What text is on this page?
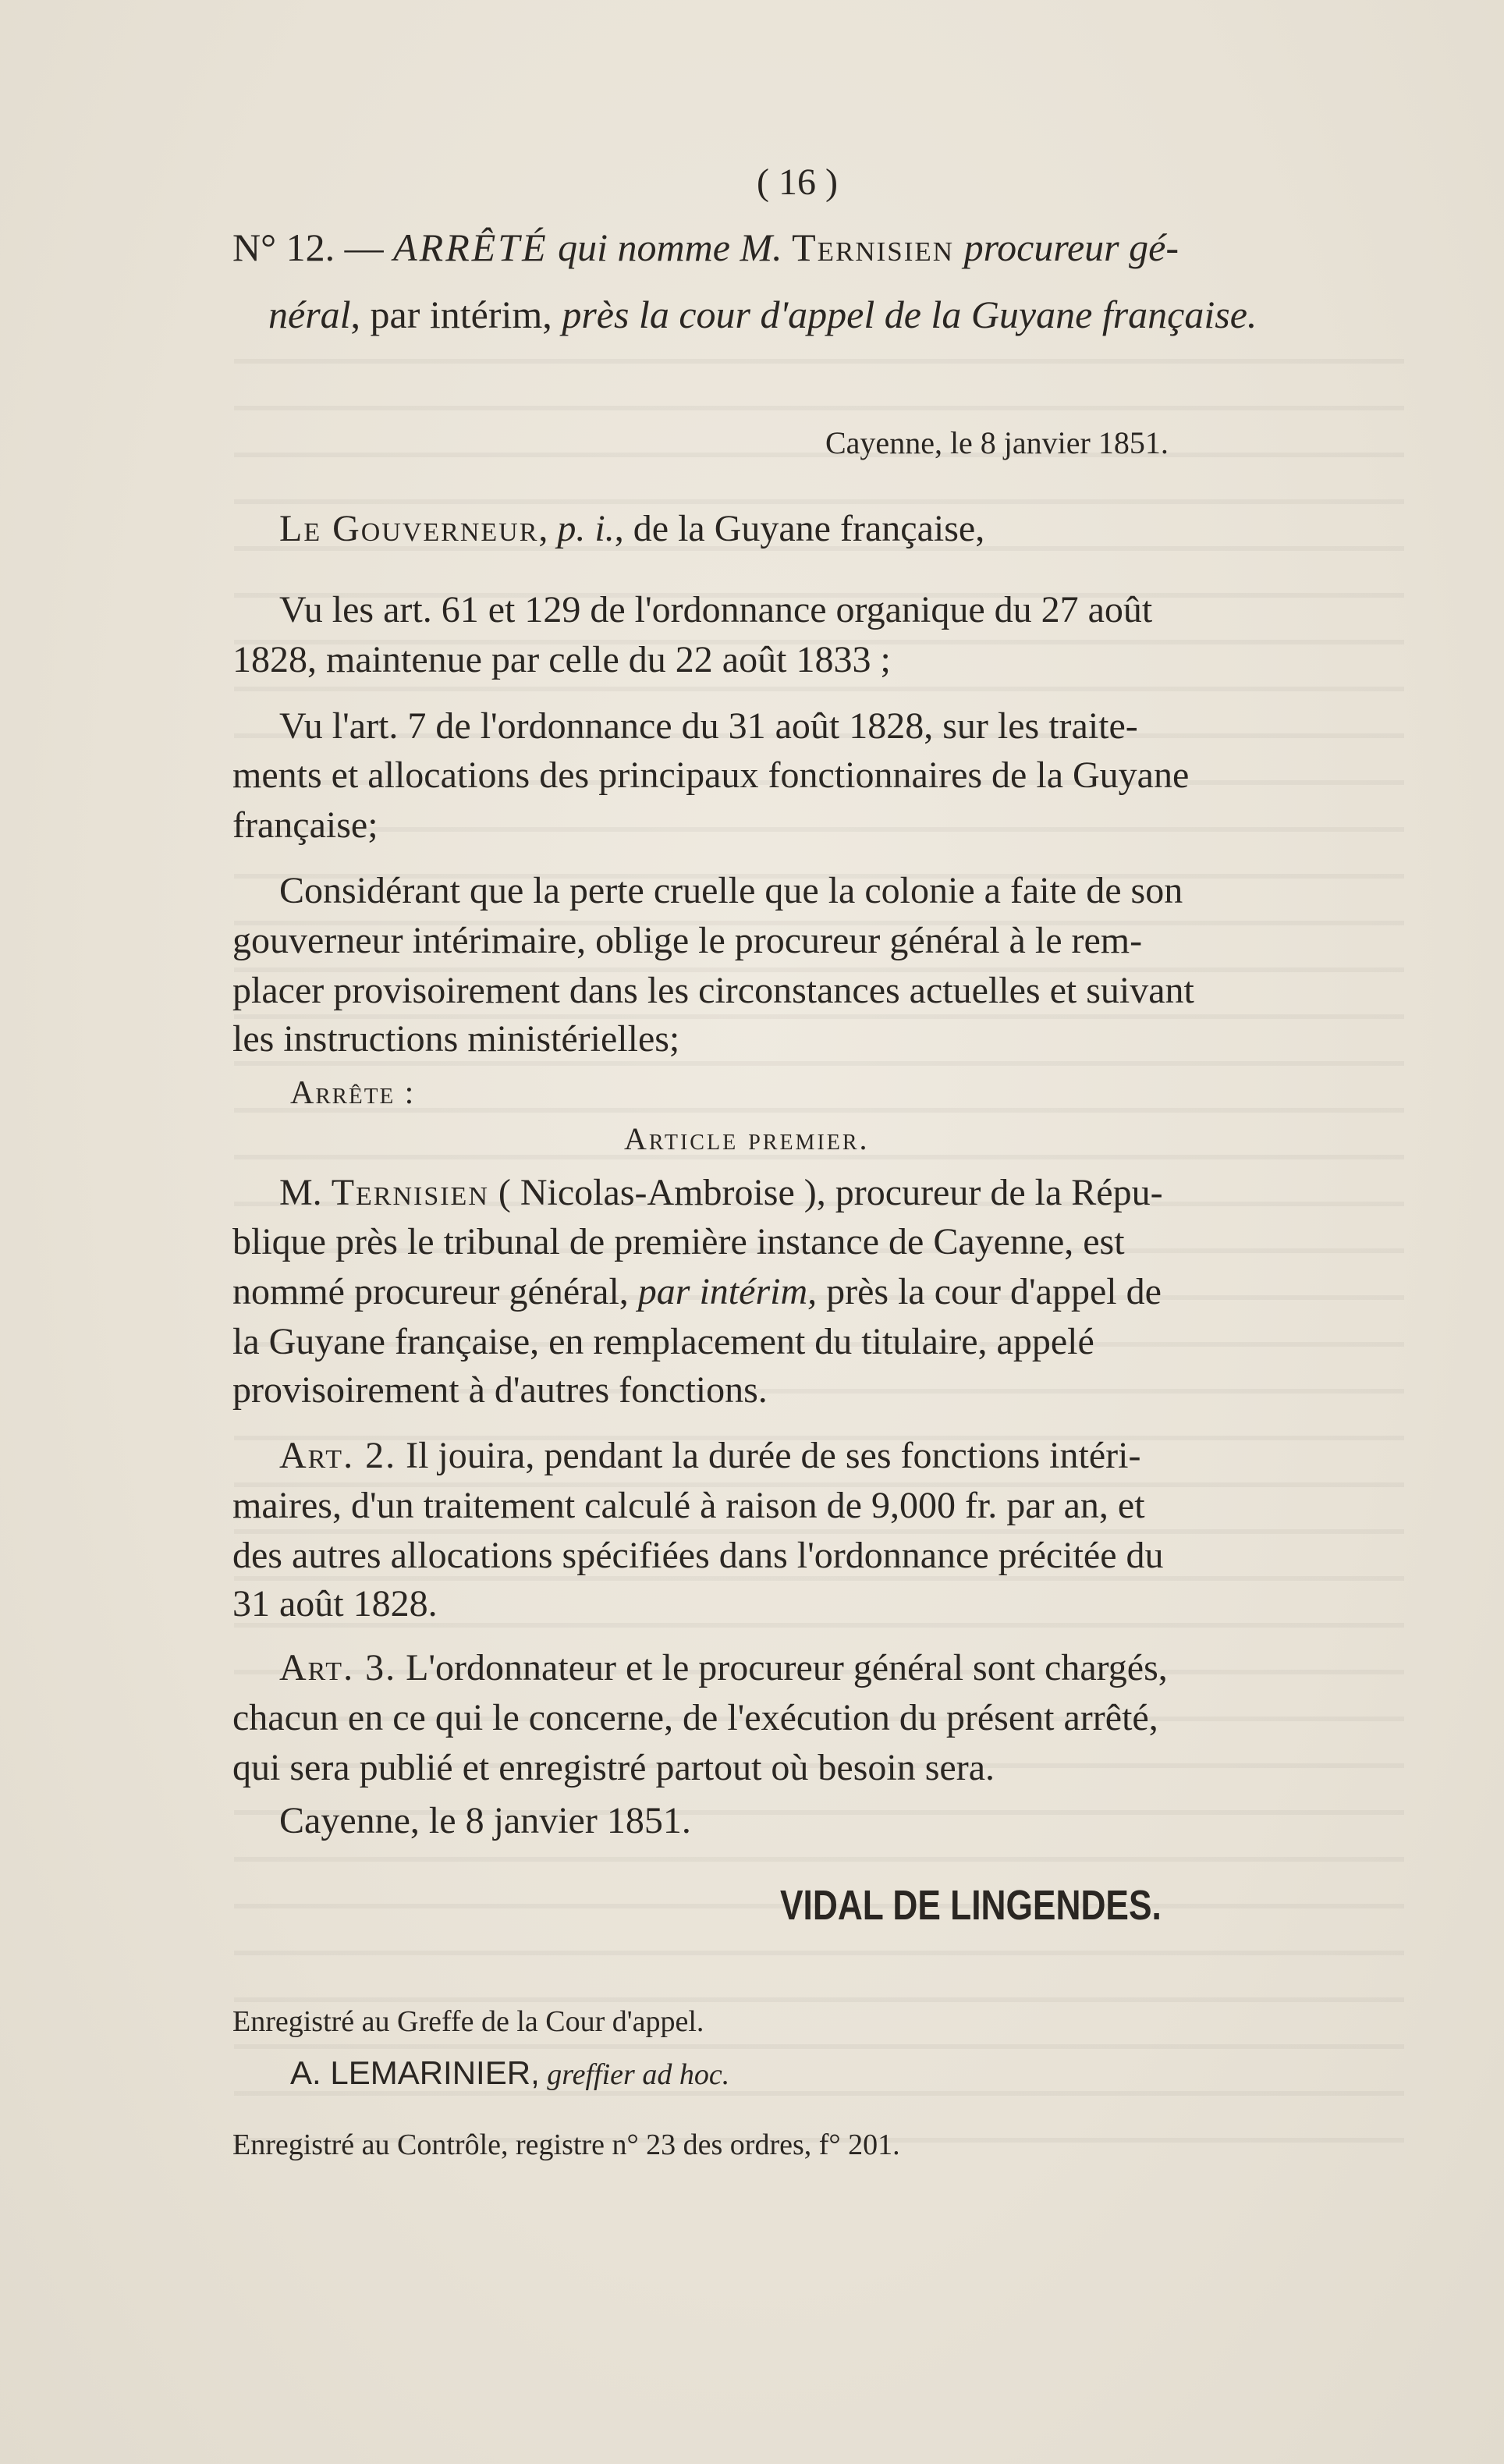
( 16 )
N° 12. — ARRÊTÉ qui nomme M. Ternisien procureur gé-
néral, par intérim, près la cour d'appel de la Guyane française.
Cayenne, le 8 janvier 1851.
Le Gouverneur, p. i., de la Guyane française,
Vu les art. 61 et 129 de l'ordonnance organique du 27 août
1828, maintenue par celle du 22 août 1833 ;
Vu l'art. 7 de l'ordonnance du 31 août 1828, sur les traite-
ments et allocations des principaux fonctionnaires de la Guyane
française;
Considérant que la perte cruelle que la colonie a faite de son
gouverneur intérimaire, oblige le procureur général à le rem-
placer provisoirement dans les circonstances actuelles et suivant
les instructions ministérielles;
Arrête :
Article premier.
M. Ternisien ( Nicolas-Ambroise ), procureur de la Répu-
blique près le tribunal de première instance de Cayenne, est
nommé procureur général, par intérim, près la cour d'appel de
la Guyane française, en remplacement du titulaire, appelé
provisoirement à d'autres fonctions.
Art. 2. Il jouira, pendant la durée de ses fonctions intéri-
maires, d'un traitement calculé à raison de 9,000 fr. par an, et
des autres allocations spécifiées dans l'ordonnance précitée du
31 août 1828.
Art. 3. L'ordonnateur et le procureur général sont chargés,
chacun en ce qui le concerne, de l'exécution du présent arrêté,
qui sera publié et enregistré partout où besoin sera.
Cayenne, le 8 janvier 1851.
VIDAL DE LINGENDES.
Enregistré au Greffe de la Cour d'appel.
A. LEMARINIER, greffier ad hoc.
Enregistré au Contrôle, registre n° 23 des ordres, f° 201.
